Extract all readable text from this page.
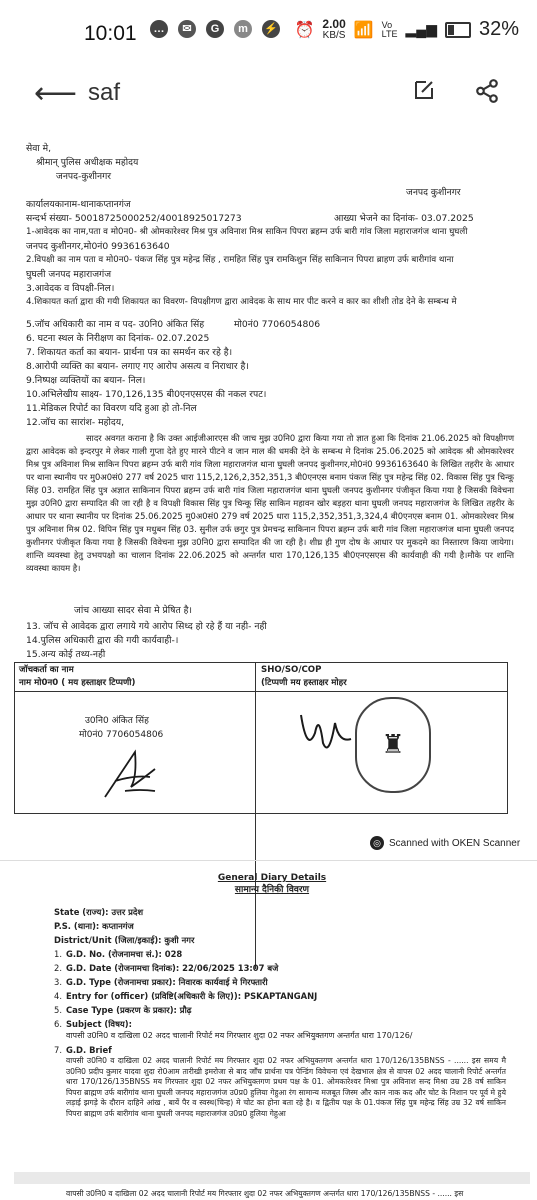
10:01	…	✉	G	m	⚡ ⏰ 2.00
KB/S 📶 Vo
LTE ▂▄▆ 32%
⟵ saf
सेवा मे,
श्रीमान् पुलिस अधीक्षक महोदय
जनपद-कुशीनगर
जनपद कुशीनगर
कार्यालयकानाम-थानाकप्तानगंज
सन्दर्भ संख्या- 50018725000252/40018925017273	आख्या भेजने का दिनांक- 03.07.2025
1-आवेदक का नाम,पता व मो0न0- श्री ओमकारेश्वर मिश्र पुत्र अविनाश मिश्र साकिन पिपरा ब्रहम्न उर्फ बारी गांव जिला महाराजगंज थाना घुघली
जनपद कुशीनगर,मो0नं0 9936163640
2.विपक्षी का नाम पता व मो0न0- पंकज सिंह पुत्र महेन्द्र सिंह , रामहित सिंह पुत्र रामकिशुन सिंह साकिनान पिपरा ब्राहण उर्फ बारीगांव थाना
घुघली जनपद महाराजगंज
3.आवेदक व विपक्षी-निल।
4.शिकायत कर्ता द्वारा की गयी शिकायत का विवरण- विपक्षीगण द्वारा आवेदक के साथ मार पीट करने व कार का शीशी तोड देने के सम्बन्ध मे
5.जॉच अधिकारी का नाम व पद- उ0नि0 अंकित सिंह	मो0नं0 7706054806
6. घटना स्थल के निरीक्षण का दिनांक- 02.07.2025
7. शिकायत कर्ता का बयान- प्रार्थना पत्र का समर्थन कर रहे है।
8.आरोपी व्यक्ति का बयान- लगाए गए आरोप असत्य व निराधार है।
9.निष्पक्ष व्यक्तियों का बयान- निल।
10.अभिलेखीय साक्ष्य- 170,126,135 बी0एनएसएस की नकल रपट।
11.मेडिकल रिपोर्ट का विवरण यदि हुआ हो तो-निल
12.जॉच का सारांश- महोदय,
सादर अवगत कराना है कि उक्त आईजीआरएस की जाच मुझ उ0नि0 द्वारा किया गया तो ज्ञात हुआ कि दिनांक 21.06.2025 को विपक्षीगण द्वारा आवेदक को इन्दरपुर मे लेकर गाली गुप्ता देते हुए मारने पीटने व जान माल की धमकी देने के सम्बन्ध मे दिनांक 25.06.2025 को आवेदक श्री ओमकारेश्वर मिश्र पुत्र अविनाश मिश्र साकिन पिपरा ब्रहम्न उर्फ बारी गांव जिला महाराजगंज थाना घुघली जनपद कुशीनगर,मो0नं0 9936163640 के लिखित तहरीर के आधार पर थाना स्थानीय पर मु0अ0सं0 277 वर्ष 2025 धारा 115,2,126,2,352,351,3 बी0एनएस बनाम पंकज सिंह पुत्र महेन्द्र सिंह 02. विकास सिंह पुत्र चिन्कू सिंह 03. रामहित सिंह पुत्र अज्ञात साकिनान पिपरा ब्रहम्न उर्फ बारी गांव जिला महाराजगंज थाना घुघली जनपद कुशीनगर पंजीकृत किया गया है जिसकी विवेचना मुझ उ0नि0 द्वारा सम्पादित की जा रही है व विपक्षी विकास सिंह पुत्र चिन्कू सिंह साकिन महावन खोर बड़हरा थाना घुघली जनपद महाराजगंज के लिखित तहरीर के आधार पर थाना स्थानीय पर दिनांक 25.06.2025 मु0अ0सं0 279 वर्ष 2025 धारा 115,2,352,351,3,324,4 बी0एनएस बनाम 01. ओमकारेश्वर मिश्र पुत्र अविनाश मिश्र 02. विपिन सिंह पुत्र मधुबन सिंह 03. सुनील उर्फ छगुर पुत्र प्रेमचन्द्र साकिनान पिपरा ब्रहम्न उर्फ बारी गांव जिला महाराजगंज थाना घुघली जनपद कुशीनगर पंजीकृत किया गया है जिसकी विवेचना मुझ उ0नि0 द्वारा सम्पादित की जा रही है। शीघ्र ही गुण दोष के आधार पर मुकदमे का निस्तारण किया जायेगा। शान्ति व्यवस्था हेतु उभयपक्षो का चालान दिनांक 22.06.2025 को अन्तर्गत धारा 170,126,135 बी0एनएसएस की कार्यवाही की गयी है।मौके पर शान्ति व्यवस्था कायम है।
जांच आख्या सादर सेवा मे प्रेषित है।
13. जॉच से आवेदक द्वारा लगाये गये आरोप सिध्द हो रहे हैं या नही- नही
14.पुलिस अधिकारी द्वारा की गयी कार्यवाही-।
15.अन्य कोई तथ्य-नही
जॉचकर्ता का नाम
नाम मो0न0 ( मय हस्ताक्षर टिप्पणी)
SHO/SO/COP
(टिप्पणी मय हस्ताक्षर मोहर
उ0नि0 अंकित सिंह
मो0नं0 7706054806	♜
◎ Scanned with OKEN Scanner
General Diary Details
सामान्य दैनिकी विवरण
State (राज्य): उत्तर प्रदेश
P.S. (थाना): कप्तानगंज
District/Unit (जिला/इकाई): कुशी नगर
1. G.D. No. (रोजनामचा सं.): 028
2. G.D. Date (रोजनामचा दिनांक): 22/06/2025 13:07 बजे
3. G.D. Type (रोजनामचा प्रकार): निवारक कार्यवाई मे गिरफ्तारी
4. Entry for (officer) (प्रविष्टि(अधिकारी के लिए)): PSKAPTANGANJ
5. Case Type (प्रकरण के प्रकार): प्रौढ़
6. Subject (विषय):
वापसी उ0नि0 व दाखिला 02 अदद चालानी रिपोर्ट मय गिरफ्तार शुदा 02 नफर अभियुक्तगण अन्तर्गत धारा 170/126/
7. G.D. Brief
वापसी उ0नि0 व दाखिला 02 अदद चालानी रिपोर्ट मय गिरफ्तार शुदा 02 नफर अभियुक्तगण अन्तर्गत धारा 170/126/135BNSS - ...... इस समय मै उ0नि0 प्रदीप कुमार यादवा शुदा रो0आम तारीखी इमरोजा से बाद जाँच प्रार्थना पत्र पेन्डिंग विवेचना एवं देखभाल क्षेत्र से वापस 02 अदद चालानी रिपोर्ट अन्तर्गत धारा 170/126/135BNSS मय गिरफ्तार शुदा 02 नफर अभियुक्तगण प्रथम पक्ष के 01. ओमकारेश्वर मिश्रा पुत्र अविनाश सन्द मिश्रा उम्र 28 वर्ष साकिन पिपरा ब्राह्मण उर्फ बारीगांव थाना घुघली जनपद महाराजगंज उ0प्र0 हुलिया गेहुआ रंग सामान्य मजबूत जिस्म और कान नाक कद और चोट के निशान पर पूर्व मे हुये लड़ाई झगड़े के दौरान दाहिने आंख , बायें पैर व स्वस्थ(चिन्ह) मे चोट का होना बता रहे है। व द्वितीय पक्ष के 01.पंकज सिंह पुत्र महेन्द्र सिंह उम्र 32 वर्ष साकिन पिपरा ब्राह्मण उर्फ बारीगांव थाना घुघली जनपद महाराजगंज उ0प्र0 हुलिया गेहुआ
वापसी उ0नि0 व दाखिला 02 अदद चालानी रिपोर्ट मय गिरफ्तार शुदा 02 नफर अभियुक्तगण अन्तर्गत धारा 170/126/135BNSS - ...... इस
